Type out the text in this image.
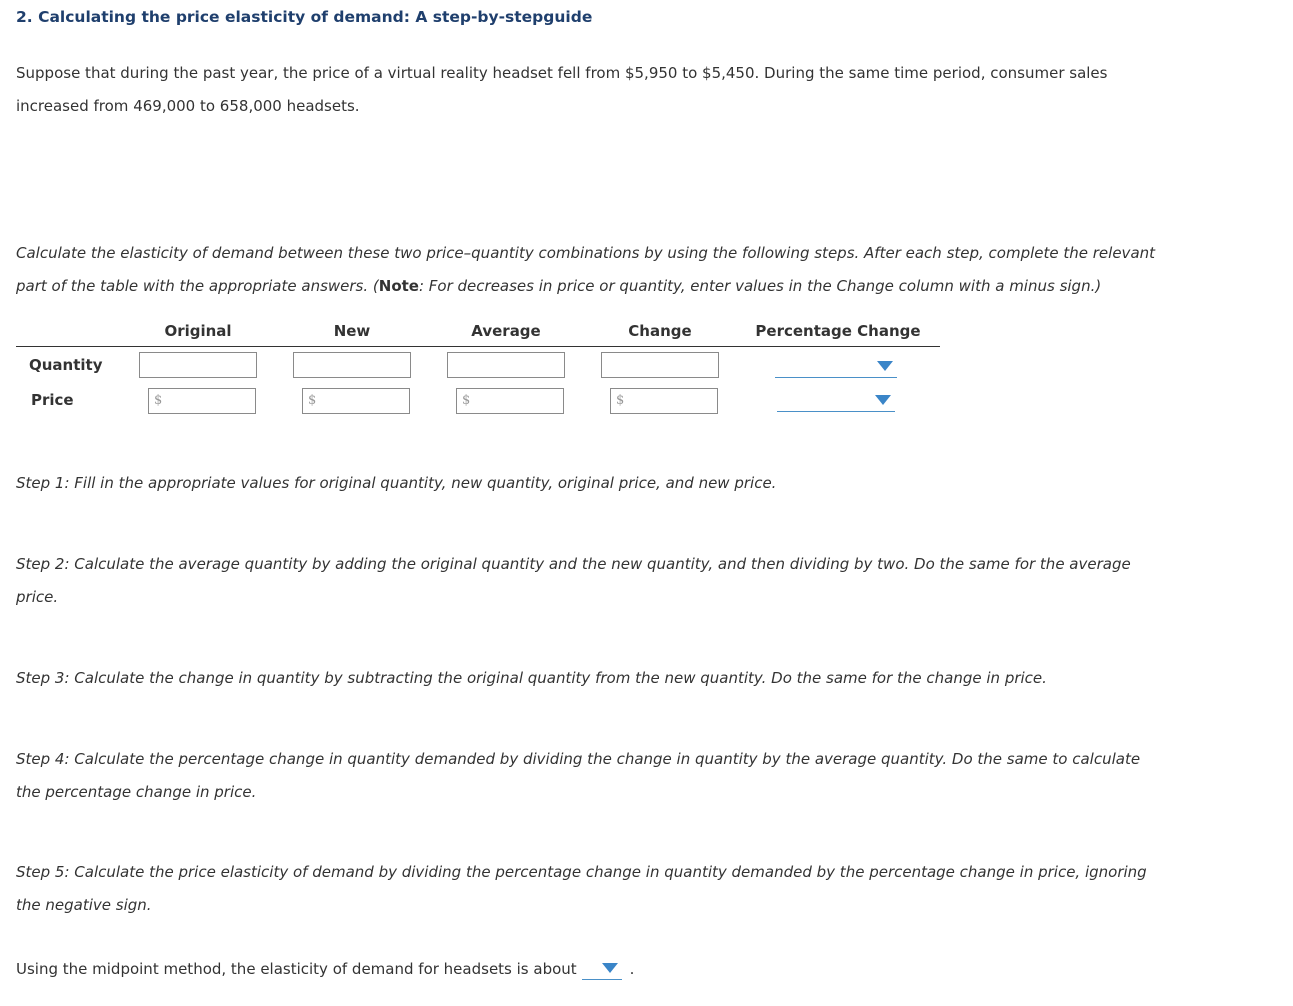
2. Calculating the price elasticity of demand: A step-by-stepguide
Suppose that during the past year, the price of a virtual reality headset fell from $5,950 to $5,450. During the same time period, consumer sales
increased from 469,000 to 658,000 headsets.
Calculate the elasticity of demand between these two price–quantity combinations by using the following steps. After each step, complete the relevant
part of the table with the appropriate answers. (Note: For decreases in price or quantity, enter values in the Change column with a minus sign.)
Original	New	Average	Change	Percentage Change
Quantity
Price	$	$	$	$
Step 1: Fill in the appropriate values for original quantity, new quantity, original price, and new price.
Step 2: Calculate the average quantity by adding the original quantity and the new quantity, and then dividing by two. Do the same for the average
price.
Step 3: Calculate the change in quantity by subtracting the original quantity from the new quantity. Do the same for the change in price.
Step 4: Calculate the percentage change in quantity demanded by dividing the change in quantity by the average quantity. Do the same to calculate
the percentage change in price.
Step 5: Calculate the price elasticity of demand by dividing the percentage change in quantity demanded by the percentage change in price, ignoring
the negative sign.
Using the midpoint method, the elasticity of demand for headsets is about	.
